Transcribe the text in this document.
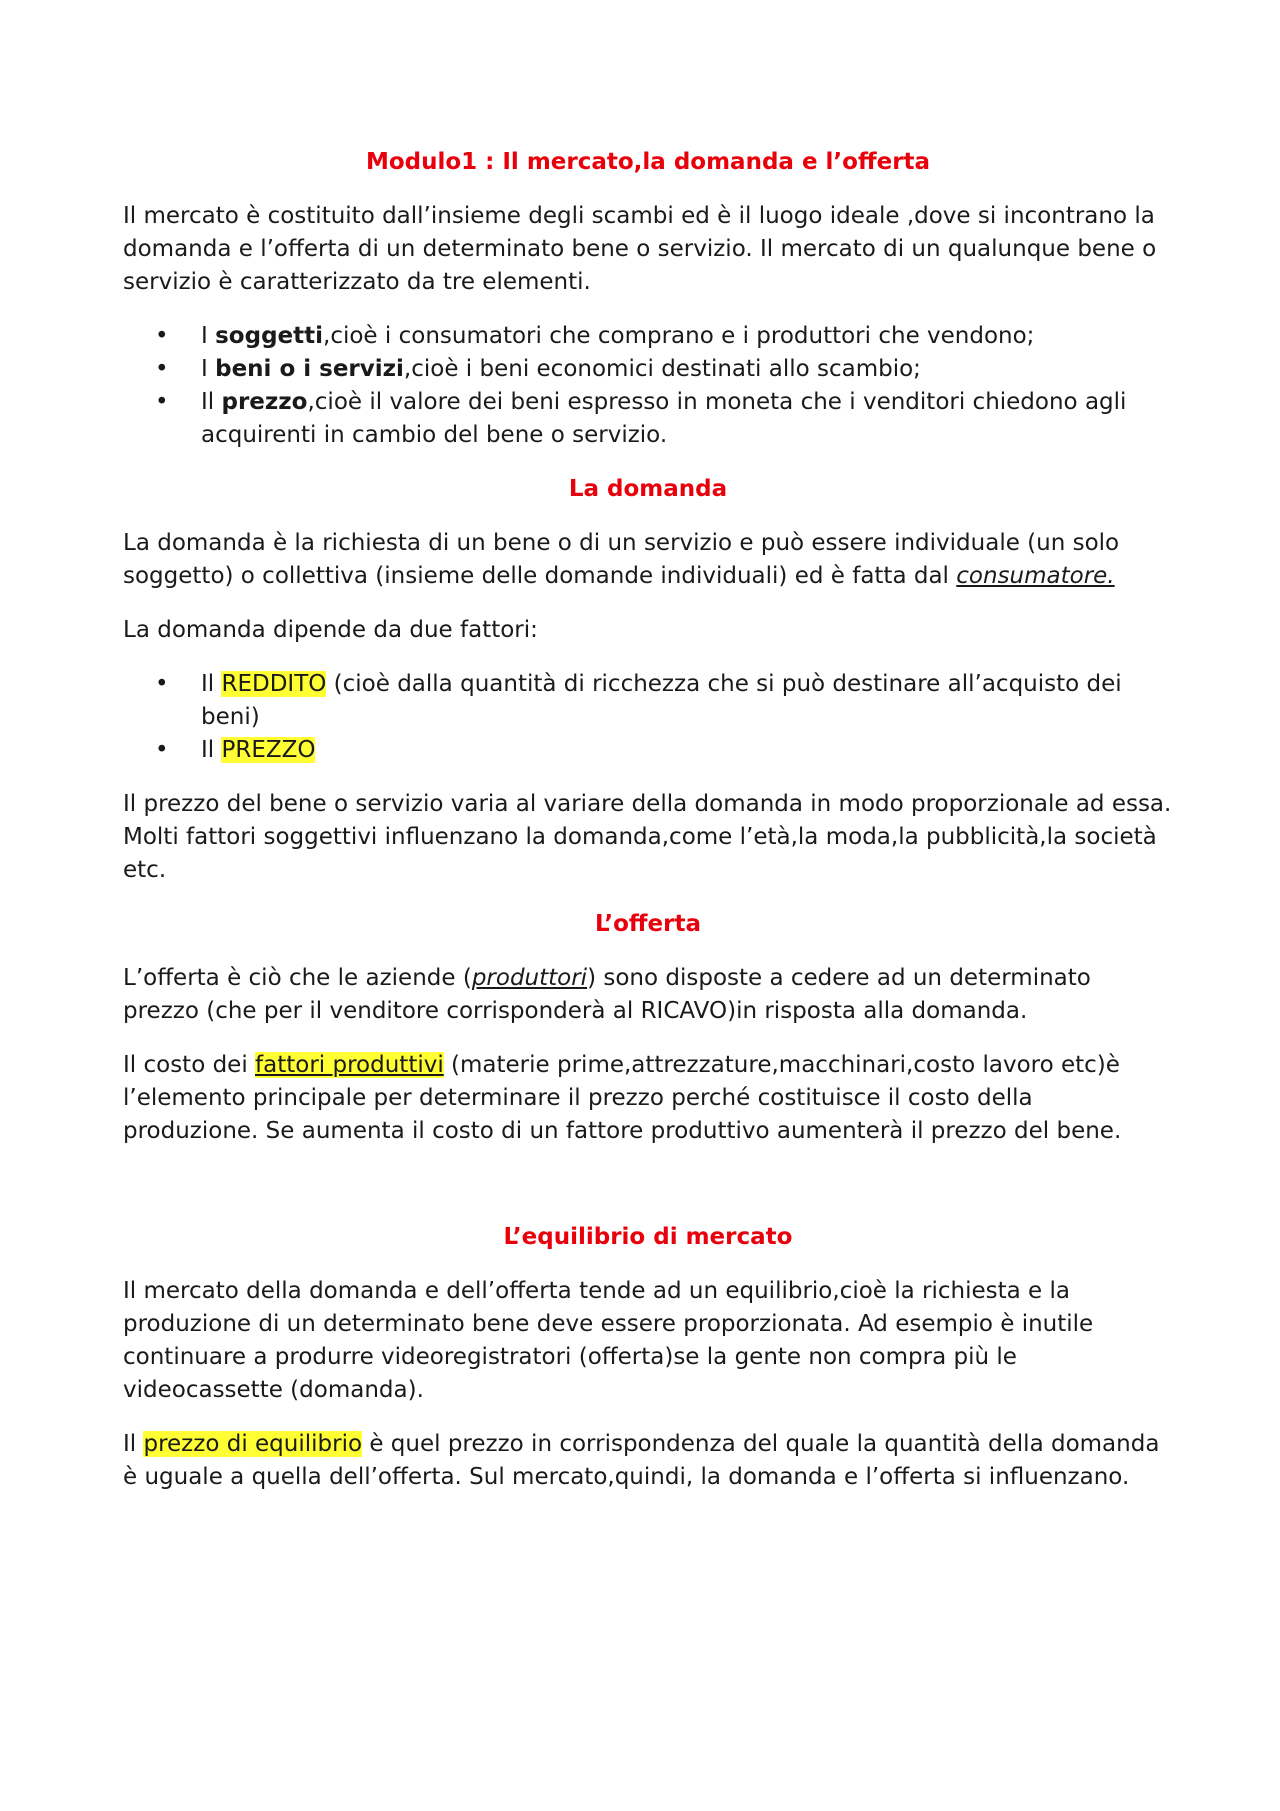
Modulo1 : Il mercato,la domanda e l’offerta

Il mercato è costituito dall’insieme degli scambi ed è il luogo ideale ,dove si incontrano la domanda e l’offerta di un determinato bene o servizio. Il mercato di un qualunque bene o servizio è caratterizzato da tre elementi.

• I soggetti,cioè i consumatori che comprano e i produttori che vendono;
• I beni o i servizi,cioè i beni economici destinati allo scambio;
• Il prezzo,cioè il valore dei beni espresso in moneta che i venditori chiedono agli acquirenti in cambio del bene o servizio.
La domanda

La domanda è la richiesta di un bene o di un servizio e può essere individuale (un solo soggetto) o collettiva (insieme delle domande individuali) ed è fatta dal consumatore.

La domanda dipende da due fattori:

• Il REDDITO (cioè dalla quantità di ricchezza che si può destinare all’acquisto dei beni)
• Il PREZZO

Il prezzo del bene o servizio varia al variare della domanda in modo proporzionale ad essa. Molti fattori soggettivi influenzano la domanda,come l’età,la moda,la pubblicità,la società etc.

L’offerta

L’offerta è ciò che le aziende (produttori) sono disposte a cedere ad un determinato prezzo (che per il venditore corrisponderà al RICAVO)in risposta alla domanda.

Il costo dei fattori produttivi (materie prime,attrezzature,macchinari,costo lavoro etc)è l’elemento principale per determinare il prezzo perché costituisce il costo della produzione. Se aumenta il costo di un fattore produttivo aumenterà il prezzo del bene.

L’equilibrio di mercato

Il mercato della domanda e dell’offerta tende ad un equilibrio,cioè la richiesta e la produzione di un determinato bene deve essere proporzionata. Ad esempio è inutile continuare a produrre videoregistratori (offerta)se la gente non compra più le videocassette (domanda).

Il prezzo di equilibrio è quel prezzo in corrispondenza del quale la quantità della domanda è uguale a quella dell’offerta. Sul mercato,quindi, la domanda e l’offerta si influenzano.
